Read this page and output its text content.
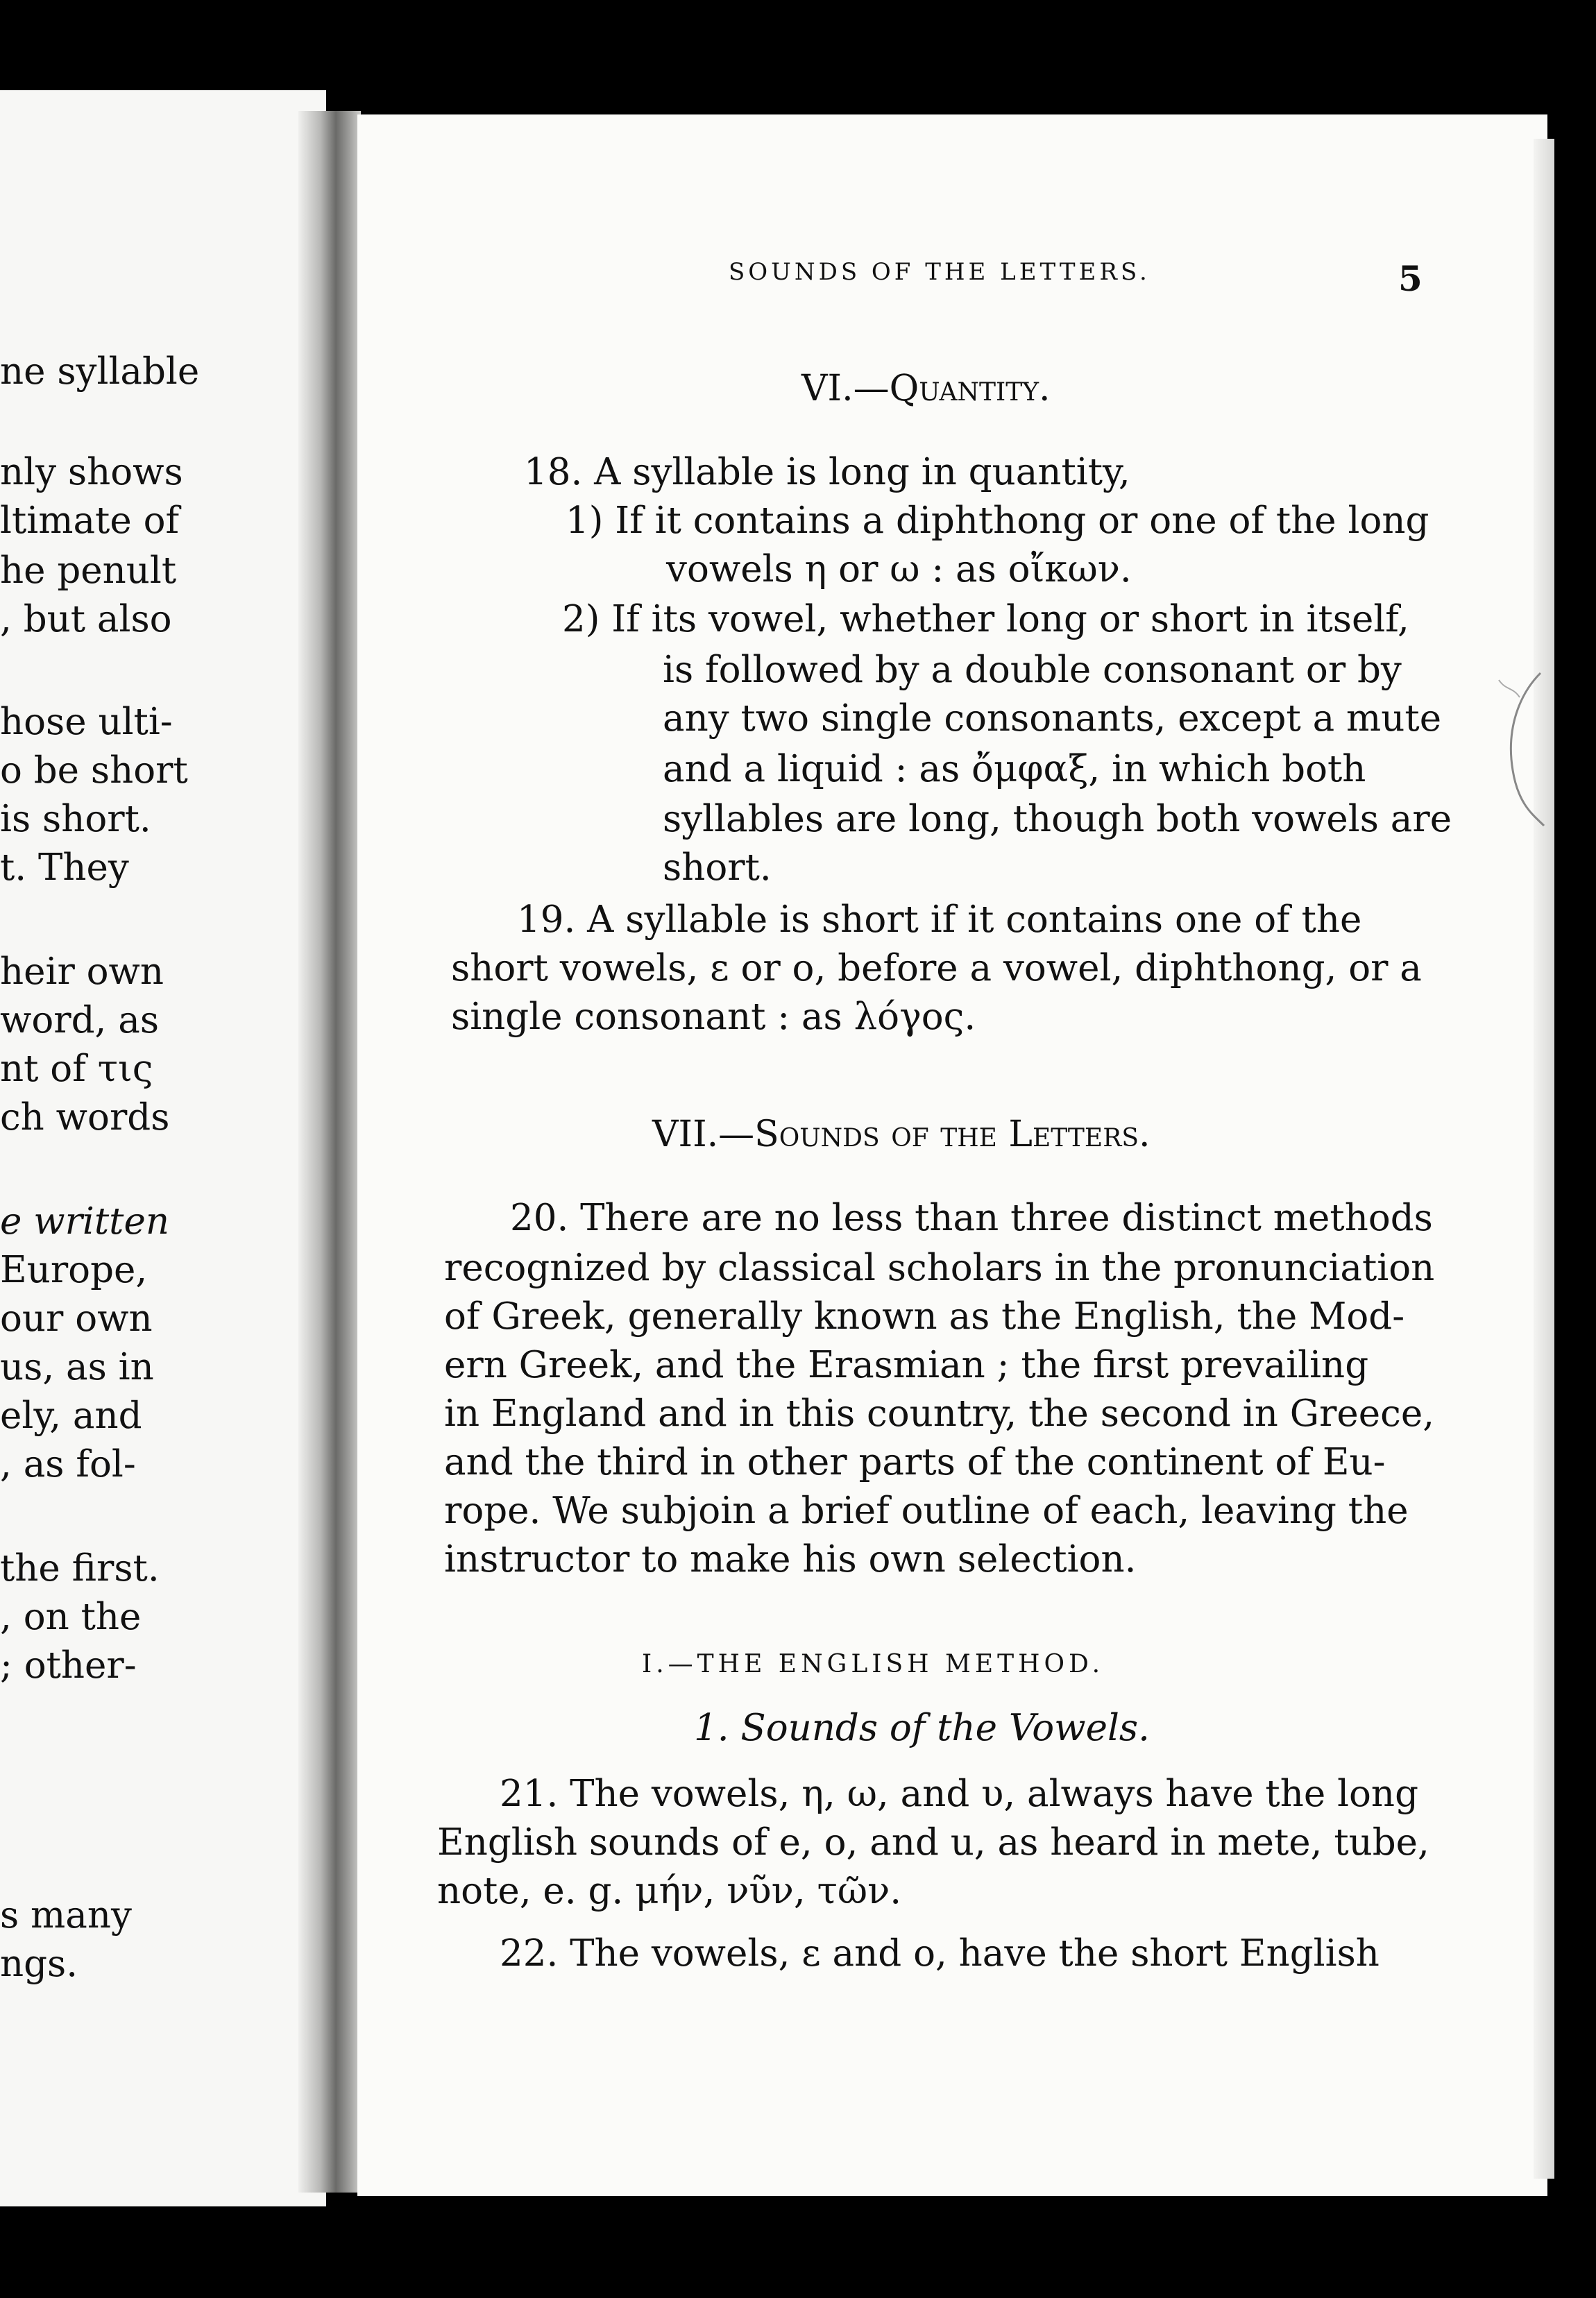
ne syllable
nly shows
ltimate of
he penult
, but also
hose ulti-
o be short
is short.
t. They
heir own
word, as
nt of τις
ch words
e written
Europe,
our own
us, as in
ely, and
, as fol-
the first.
, on the
; other-
s many
ngs.
SOUNDS OF THE LETTERS.	5
VI.—Quantity.
18. A syllable is long in quantity,
1) If it contains a diphthong or one of the long
vowels η or ω : as οἴκων.
2) If its vowel, whether long or short in itself,
is followed by a double consonant or by
any two single consonants, except a mute
and a liquid : as ὄμφαξ, in which both
syllables are long, though both vowels are
short.
19. A syllable is short if it contains one of the
short vowels, ε or ο, before a vowel, diphthong, or a
single consonant : as λόγος.
VII.—Sounds of the Letters.
20. There are no less than three distinct methods
recognized by classical scholars in the pronunciation
of Greek, generally known as the English, the Mod-
ern Greek, and the Erasmian ; the first prevailing
in England and in this country, the second in Greece,
and the third in other parts of the continent of Eu-
rope. We subjoin a brief outline of each, leaving the
instructor to make his own selection.
I.—THE ENGLISH METHOD.
1. Sounds of the Vowels.
21. The vowels, η, ω, and υ, always have the long
English sounds of e, o, and u, as heard in mete, tube,
note, e. g. μήν, νῦν, τῶν.
22. The vowels, ε and ο, have the short English
